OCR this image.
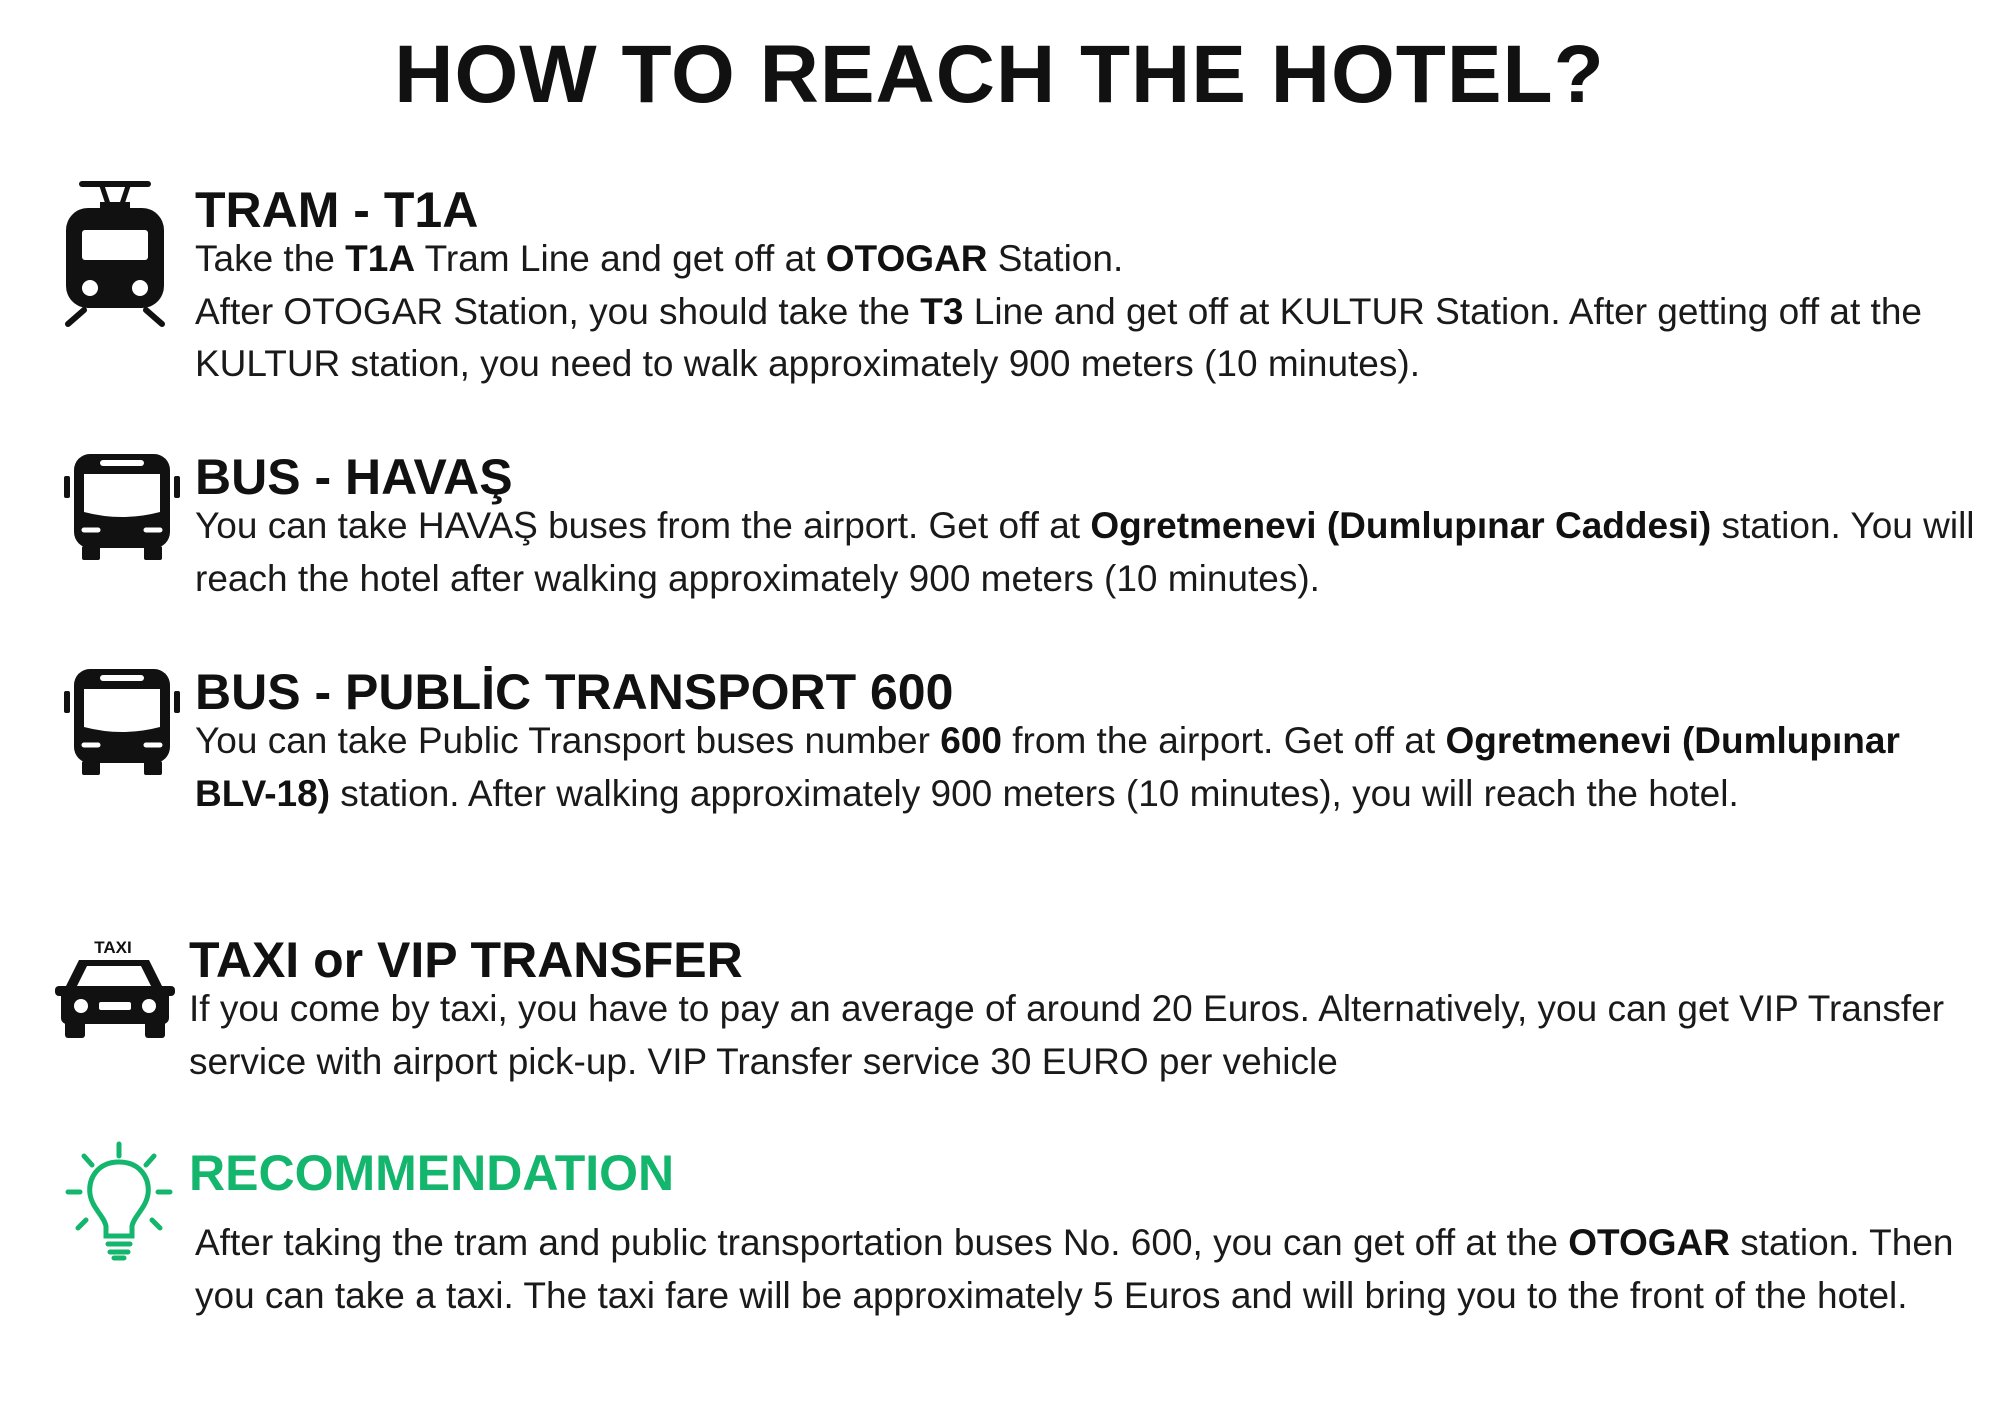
HOW TO REACH THE HOTEL?
TRAM - T1A
Take the T1A Tram Line and get off at OTOGAR Station.
After OTOGAR Station, you should take the T3 Line and get off at KULTUR Station. After getting off at the KULTUR station, you need to walk approximately 900 meters (10 minutes).
BUS - HAVAŞ
You can take HAVAŞ buses from the airport. Get off at Ogretmenevi (Dumlupınar Caddesi) station. You will reach the hotel after walking approximately 900 meters (10 minutes).
BUS - PUBLİC TRANSPORT 600
You can take Public Transport buses number 600 from the airport. Get off at Ogretmenevi (Dumlupınar BLV-18) station. After walking approximately 900 meters (10 minutes), you will reach the hotel.
TAXI TAXI or VIP TRANSFER
If you come by taxi, you have to pay an average of around 20 Euros. Alternatively, you can get VIP Transfer service with airport pick-up. VIP Transfer service 30 EURO per vehicle
RECOMMENDATION
After taking the tram and public transportation buses No. 600, you can get off at the OTOGAR station. Then you can take a taxi. The taxi fare will be approximately 5 Euros and will bring you to the front of the hotel.
